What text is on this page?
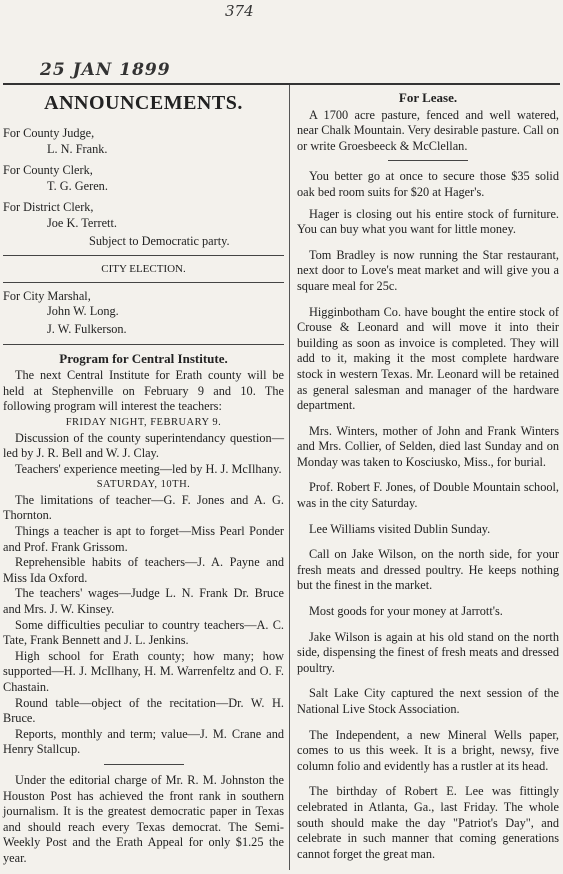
374
25 JAN 1899
ANNOUNCEMENTS.

For County Judge,

L. N. Frank.

For County Clerk,

T. G. Geren.

For District Clerk,

Joe K. Terrett.

Subject to Democratic party.

CITY ELECTION.

For City Marshal,

John W. Long.

J. W. Fulkerson.

Program for Central Institute.

The next Central Institute for Erath county will be held at Stephenville on February 9 and 10. The following program will interest the teachers:

FRIDAY NIGHT, FEBRUARY 9.

Discussion of the county superintendancy question—led by J. R. Bell and W. J. Clay.

Teachers' experience meeting—led by H. J. McIlhany.

SATURDAY, 10TH.

The limitations of teacher—G. F. Jones and A. G. Thornton.

Things a teacher is apt to forget—Miss Pearl Ponder and Prof. Frank Grissom.

Reprehensible habits of teachers—J. A. Payne and Miss Ida Oxford.

The teachers' wages—Judge L. N. Frank Dr. Bruce and Mrs. J. W. Kinsey.

Some difficulties peculiar to country teachers—A. C. Tate, Frank Bennett and J. L. Jenkins.

High school for Erath county; how many; how supported—H. J. McIlhany, H. M. Warrenfeltz and O. F. Chastain.

Round table—object of the recitation—Dr. W. H. Bruce.

Reports, monthly and term; value—J. M. Crane and Henry Stallcup.

Under the editorial charge of Mr. R. M. Johnston the Houston Post has achieved the front rank in southern journalism. It is the greatest democratic paper in Texas and should reach every Texas democrat. The Semi-Weekly Post and the Erath Appeal for only $1.25 the year.

For Lease.

A 1700 acre pasture, fenced and well watered, near Chalk Mountain. Very desirable pasture. Call on or write Groesbeeck & McClellan.

You better go at once to secure those $35 solid oak bed room suits for $20 at Hager's.

Hager is closing out his entire stock of furniture. You can buy what you want for little money.

Tom Bradley is now running the Star restaurant, next door to Love's meat market and will give you a square meal for 25c.

Higginbotham Co. have bought the entire stock of Crouse & Leonard and will move it into their building as soon as invoice is completed. They will add to it, making it the most complete hardware stock in western Texas. Mr. Leonard will be retained as general salesman and manager of the hardware department.

Mrs. Winters, mother of John and Frank Winters and Mrs. Collier, of Selden, died last Sunday and on Monday was taken to Kosciusko, Miss., for burial.

Prof. Robert F. Jones, of Double Mountain school, was in the city Saturday.

Lee Williams visited Dublin Sunday.

Call on Jake Wilson, on the north side, for your fresh meats and dressed poultry. He keeps nothing but the finest in the market.

Most goods for your money at Jarrott's.

Jake Wilson is again at his old stand on the north side, dispensing the finest of fresh meats and dressed poultry.

Salt Lake City captured the next session of the National Live Stock Association.

The Independent, a new Mineral Wells paper, comes to us this week. It is a bright, newsy, five column folio and evidently has a rustler at its head.

The birthday of Robert E. Lee was fittingly celebrated in Atlanta, Ga., last Friday. The whole south should make the day "Patriot's Day", and celebrate in such manner that coming generations cannot forget the great man.
